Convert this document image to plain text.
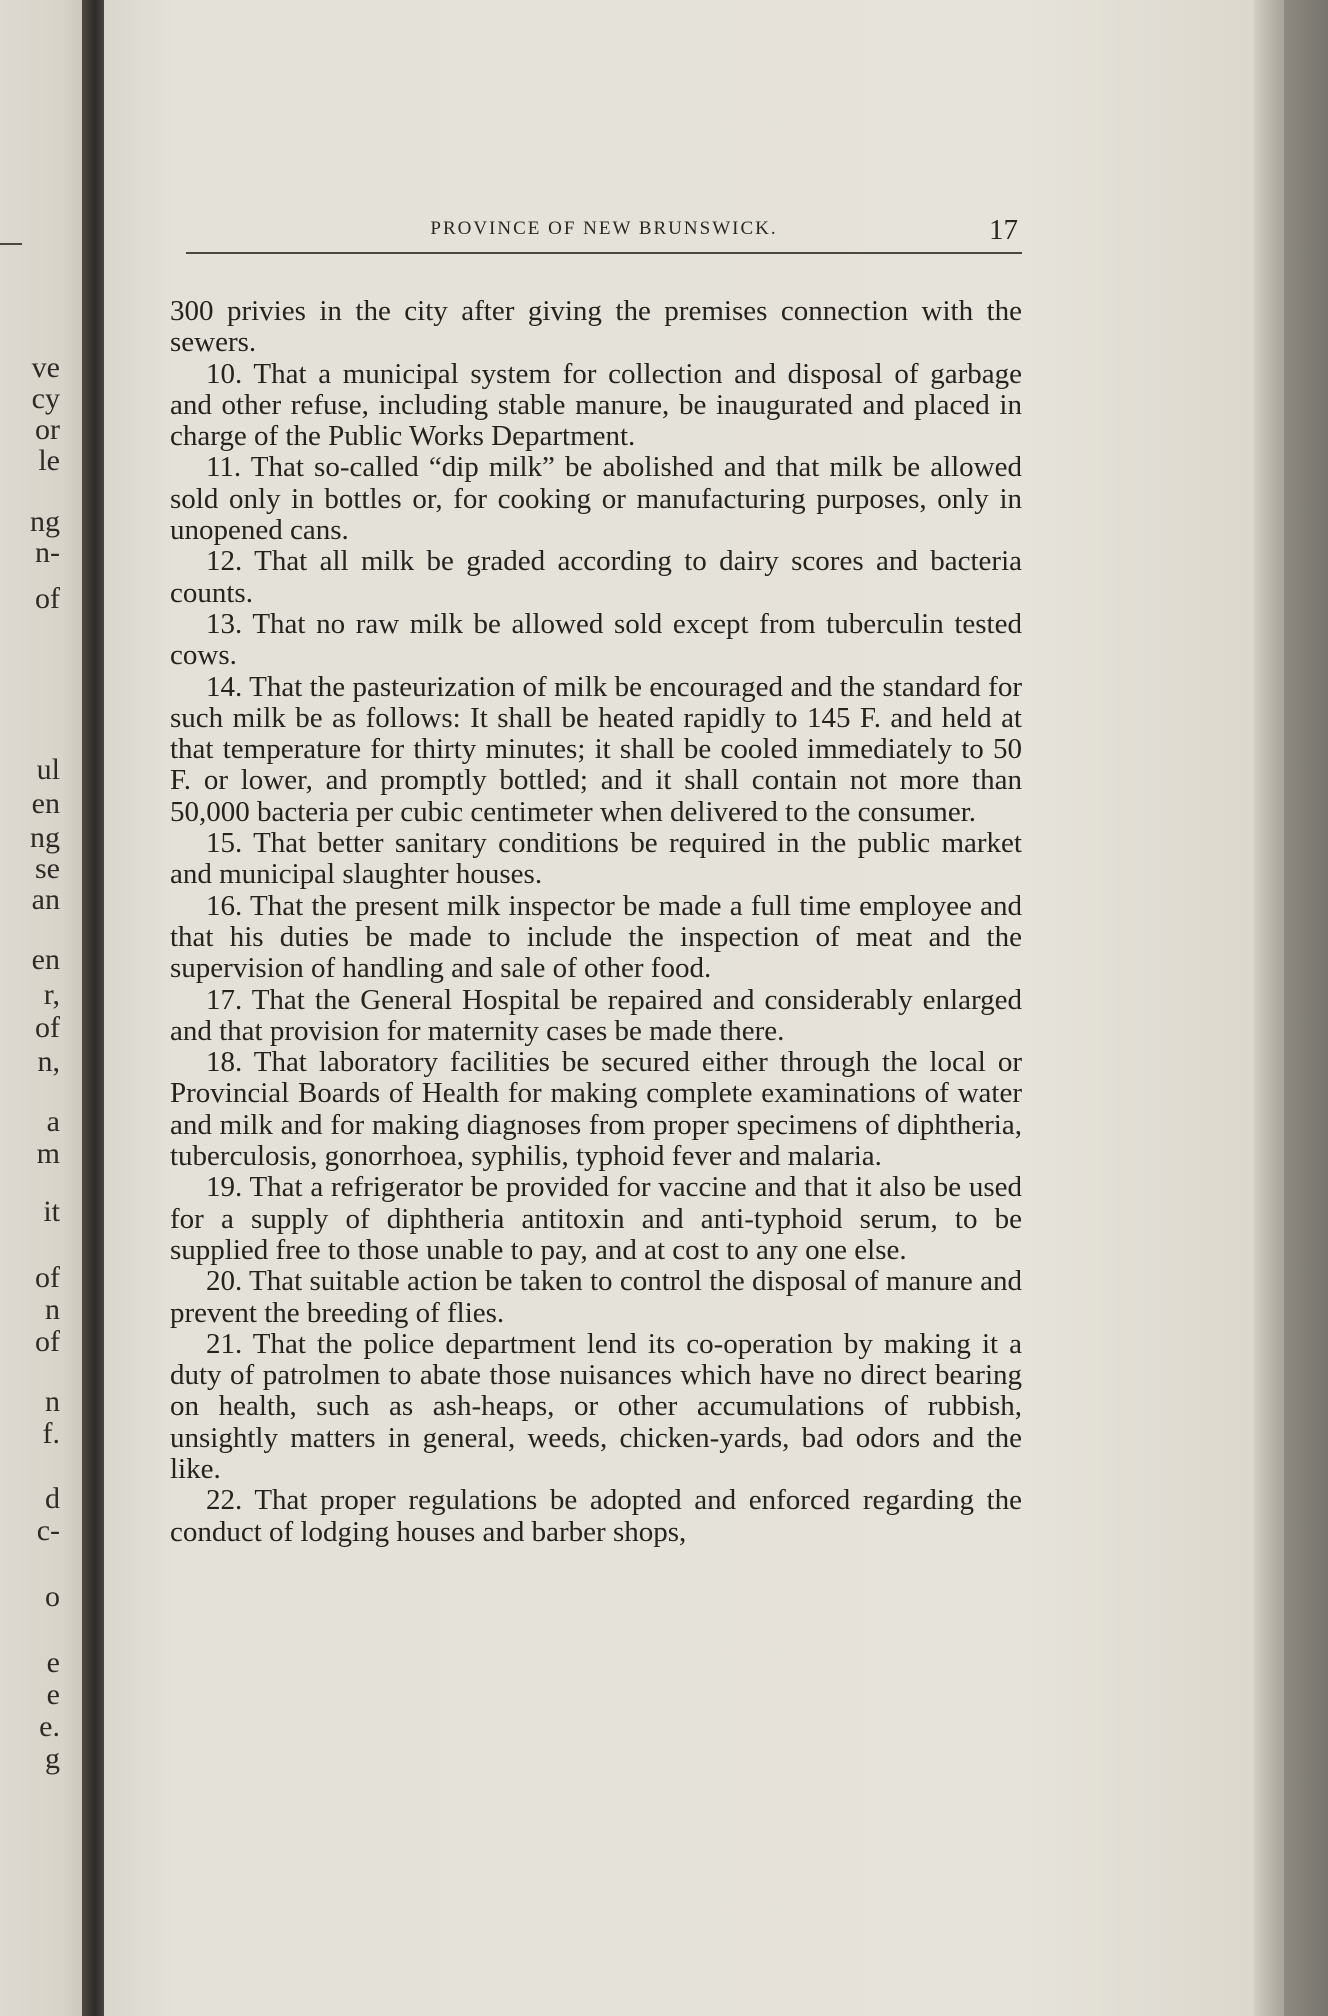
ve
cy
or
le
ng
n-
of
ul
en
ng
se
an
en
r,
of
n,
a
m
it
of
n
of
n
f.
d
c-
o
e
e
e.
g
PROVINCE OF NEW BRUNSWICK.	17

300 privies in the city after giving the premises connection with the sewers.

10. That a municipal system for collection and disposal of garbage and other refuse, including stable manure, be inaugurated and placed in charge of the Public Works Department.

11. That so-called “dip milk” be abolished and that milk be allowed sold only in bottles or, for cooking or manufacturing purposes, only in unopened cans.

12. That all milk be graded according to dairy scores and bacteria counts.

13. That no raw milk be allowed sold except from tuberculin tested cows.

14. That the pasteurization of milk be encouraged and the standard for such milk be as follows: It shall be heated rapidly to 145 F. and held at that temperature for thirty minutes; it shall be cooled immediately to 50 F. or lower, and promptly bottled; and it shall contain not more than 50,000 bacteria per cubic centimeter when delivered to the consumer.

15. That better sanitary conditions be required in the public market and municipal slaughter houses.

16. That the present milk inspector be made a full time employee and that his duties be made to include the inspection of meat and the supervision of handling and sale of other food.

17. That the General Hospital be repaired and considerably enlarged and that provision for maternity cases be made there.

18. That laboratory facilities be secured either through the local or Provincial Boards of Health for making complete examinations of water and milk and for making diagnoses from proper specimens of diphtheria, tuberculosis, gonorrhoea, syphilis, typhoid fever and malaria.

19. That a refrigerator be provided for vaccine and that it also be used for a supply of diphtheria antitoxin and anti-typhoid serum, to be supplied free to those unable to pay, and at cost to any one else.

20. That suitable action be taken to control the disposal of manure and prevent the breeding of flies.

21. That the police department lend its co-operation by making it a duty of patrolmen to abate those nuisances which have no direct bearing on health, such as ash-heaps, or other accumulations of rubbish, unsightly matters in general, weeds, chicken-yards, bad odors and the like.

22. That proper regulations be adopted and enforced regarding the conduct of lodging houses and barber shops,
